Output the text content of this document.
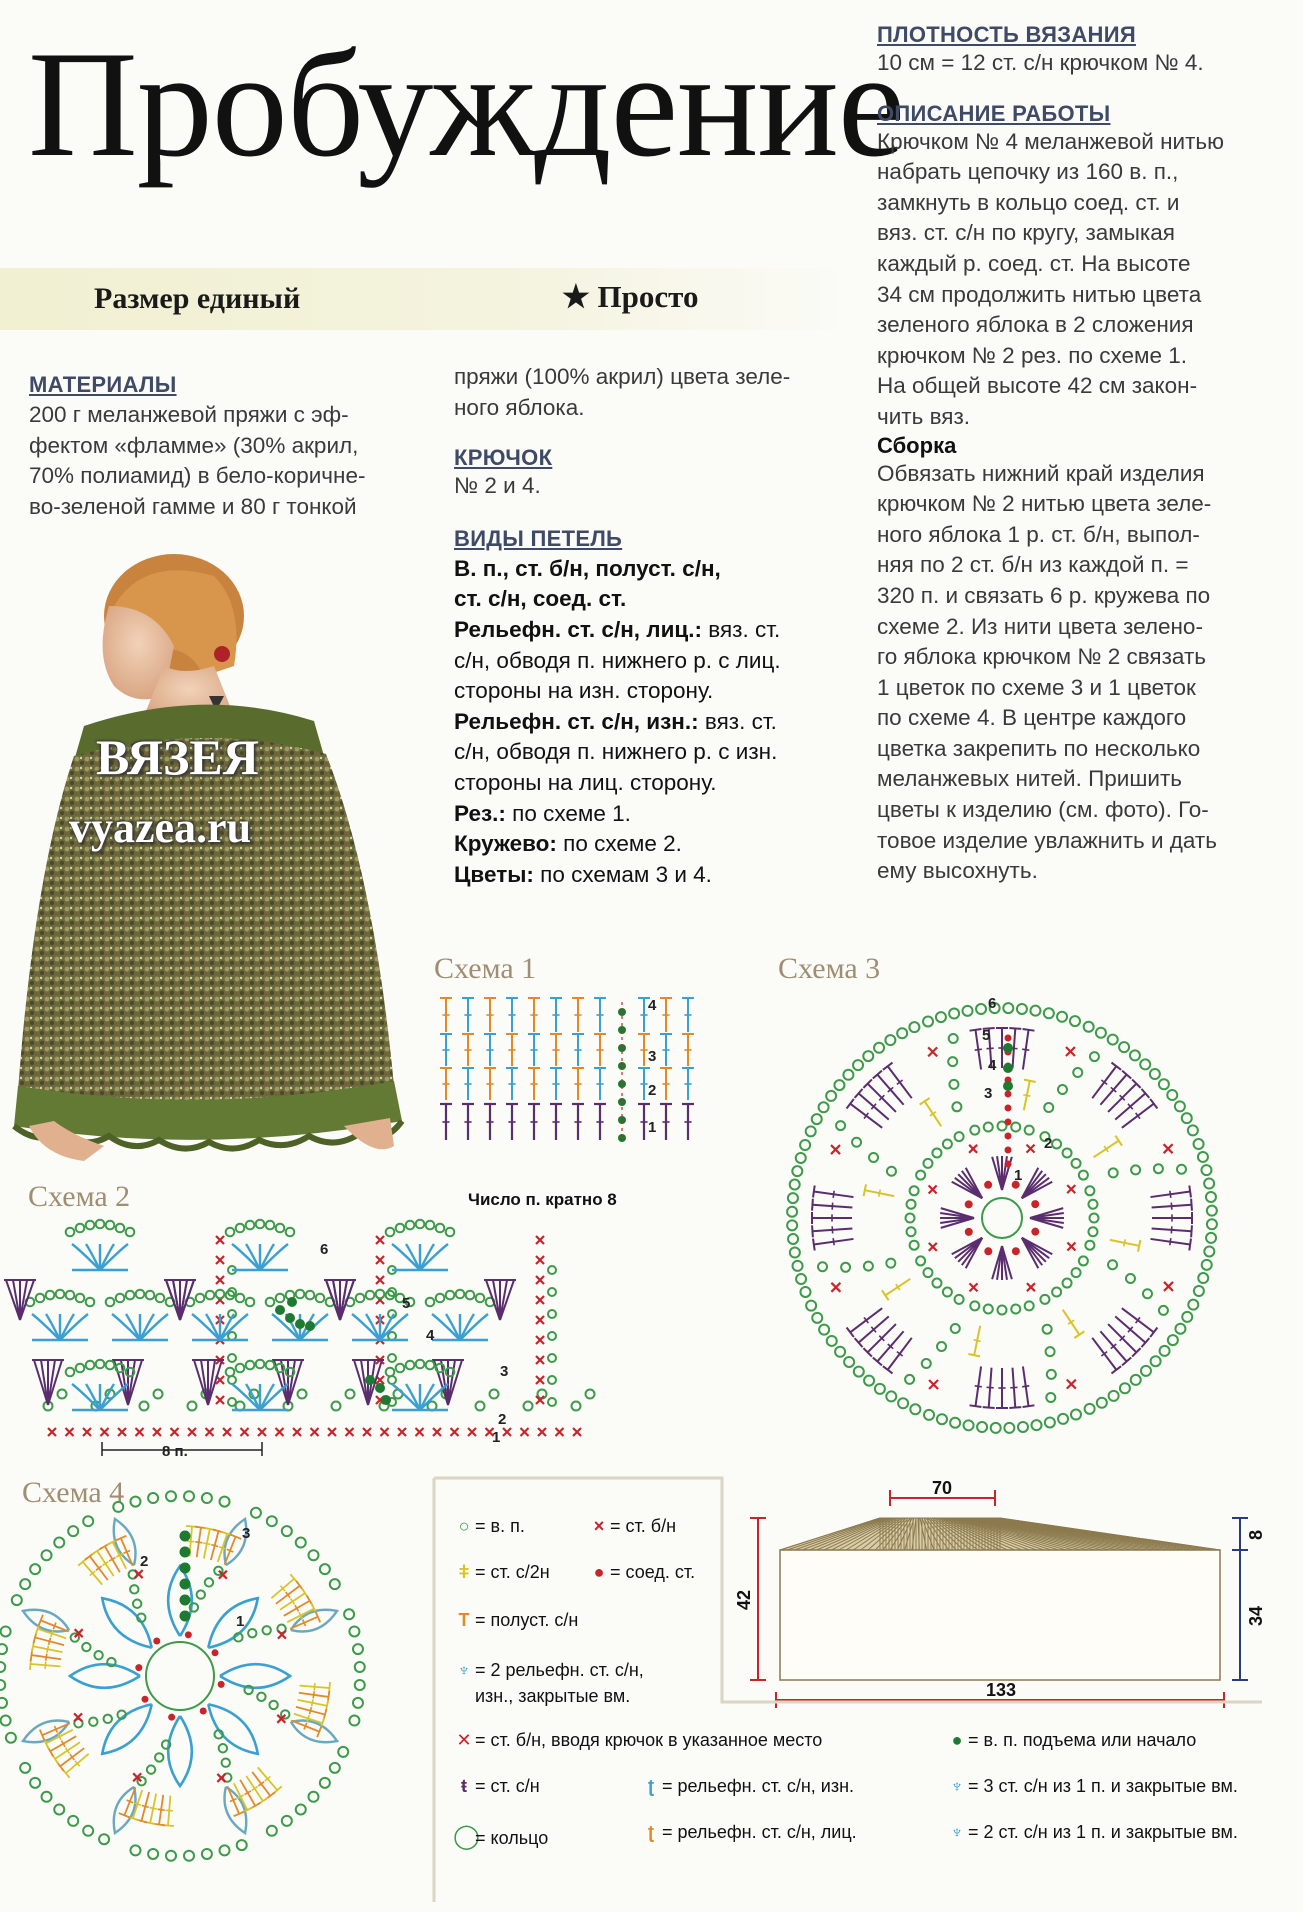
Пробуждение
Размер единый	★ Просто
МАТЕРИАЛЫ
200 г меланжевой пряжи с эф-
фектом «фламме» (30% акрил,
70% полиамид) в бело-коричне-
во-зеленой гамме и 80 г тонкой
пряжи (100% акрил) цвета зеле-
ного яблока.
КРЮЧОК
№ 2 и 4.
ВИДЫ ПЕТЕЛЬ
В. п., ст. б/н, полуст. с/н,
ст. с/н, соед. ст.
Рельефн. ст. с/н, лиц.: вяз. ст.
с/н, обводя п. нижнего р. с лиц.
стороны на изн. сторону.
Рельефн. ст. с/н, изн.: вяз. ст.
с/н, обводя п. нижнего р. с изн.
стороны на лиц. сторону.
Рез.: по схеме 1.
Кружево: по схеме 2.
Цветы: по схемам 3 и 4.
ПЛОТНОСТЬ ВЯЗАНИЯ
10 см = 12 ст. с/н крючком № 4.
ОПИСАНИЕ РАБОТЫ
Крючком № 4 меланжевой нитью
набрать цепочку из 160 в. п.,
замкнуть в кольцо соед. ст. и
вяз. ст. с/н по кругу, замыкая
каждый р. соед. ст. На высоте
34 см продолжить нитью цвета
зеленого яблока в 2 сложения
крючком № 2 рез. по схеме 1.
На общей высоте 42 см закон-
чить вяз.
Сборка
Обвязать нижний край изделия
крючком № 2 нитью цвета зеле-
ного яблока 1 р. ст. б/н, выпол-
няя по 2 ст. б/н из каждой п. =
320 п. и связать 6 р. кружева по
схеме 2. Из нити цвета зелено-
го яблока крючком № 2 связать
1 цветок по схеме 3 и 1 цветок
по схеме 4. В центре каждого
цветка закрепить по несколько
меланжевых нитей. Пришить
цветы к изделию (см. фото). Го-
товое изделие увлажнить и дать
ему высохнуть.
ВЯЗЕЯ
vyazea.ru
Схема 1
1
2
3
4
Схема 3
1
2
3
4
5
6
Схема 2	Число п. кратно 8
8 п.
1
2
3
4
5
6
Схема 4
1
2
3
70
133
42
8
34
○ = в. п.	× = ст. б/н
ǂ = ст. с/2н	● = соед. ст.
T = полуст. с/н
♆ = 2 рельефн. ст. с/н,
изн., закрытые вм.
✕ = ст. б/н, вводя крючок в указанное место	● = в. п. подъема или начало
ŧ = ст. с/н	ʈ = рельефн. ст. с/н, изн.	♆ = 3 ст. с/н из 1 п. и закрытые вм.
◯= кольцо	ʈ = рельефн. ст. с/н, лиц.	♆ = 2 ст. с/н из 1 п. и закрытые вм.
